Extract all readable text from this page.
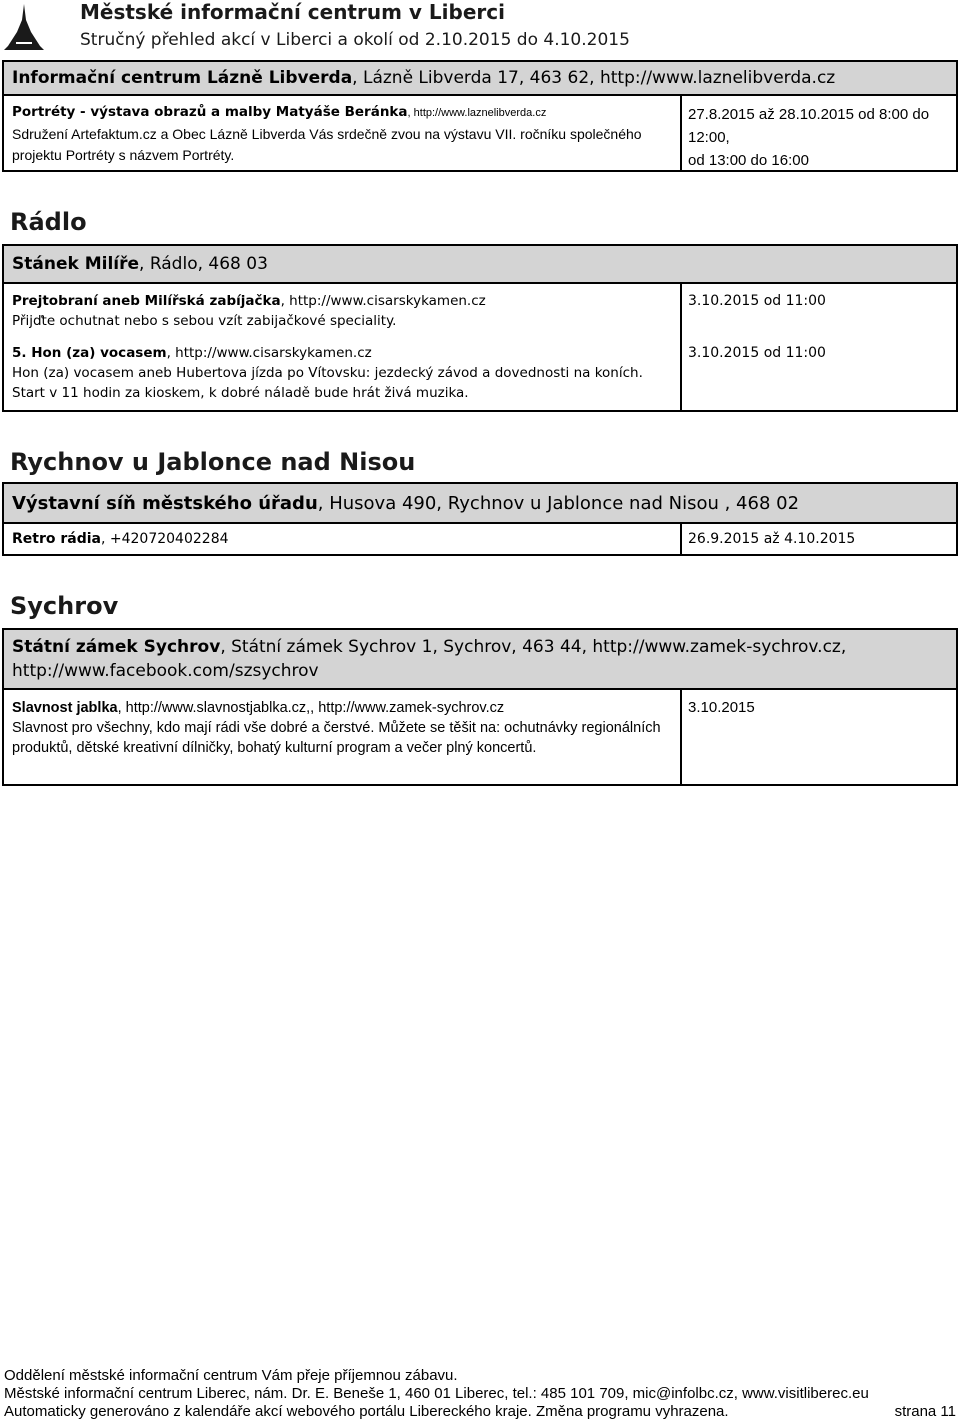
Městské informační centrum v Liberci
Stručný přehled akcí v Liberci a okolí od 2.10.2015 do 4.10.2015
Informační centrum Lázně Libverda, Lázně Libverda 17, 463 62, http://www.laznelibverda.cz
Portréty - výstava obrazů a malby Matyáše Beránka, http://www.laznelibverda.cz
Sdružení Artefaktum.cz a Obec Lázně Libverda Vás srdečně zvou na výstavu VII. ročníku společného projektu Portréty s názvem Portréty.
27.8.2015 až 28.10.2015 od 8:00 do 12:00,
od 13:00 do 16:00
Rádlo
Stánek Milíře, Rádlo, 468 03
Prejtobraní aneb Milířská zabíjačka, http://www.cisarskykamen.cz
Přijďte ochutnat nebo s sebou vzít zabijačkové speciality.
3.10.2015 od 11:00
5. Hon (za) vocasem, http://www.cisarskykamen.cz
Hon (za) vocasem aneb Hubertova jízda po Vítovsku: jezdecký závod a dovednosti na koních. Start v 11 hodin za kioskem, k dobré náladě bude hrát živá muzika.
3.10.2015 od 11:00
Rychnov u Jablonce nad Nisou
Výstavní síň městského úřadu, Husova 490, Rychnov u Jablonce nad Nisou , 468 02
Retro rádia, +420720402284	26.9.2015 až 4.10.2015
Sychrov
Státní zámek Sychrov, Státní zámek Sychrov 1, Sychrov, 463 44, http://www.zamek-sychrov.cz, http://www.facebook.com/szsychrov
Slavnost jablka, http://www.slavnostjablka.cz,, http://www.zamek-sychrov.cz
Slavnost pro všechny, kdo mají rádi vše dobré a čerstvé. Můžete se těšit na: ochutnávky regionálních produktů, dětské kreativní dílničky, bohatý kulturní program a večer plný koncertů.
3.10.2015
Oddělení městské informační centrum Vám přeje příjemnou zábavu.
Městské informační centrum Liberec, nám. Dr. E. Beneše 1, 460 01 Liberec, tel.: 485 101 709, mic@infolbc.cz, www.visitliberec.eu
Automaticky generováno z kalendáře akcí webového portálu Libereckého kraje. Změna programu vyhrazena.	strana 11
